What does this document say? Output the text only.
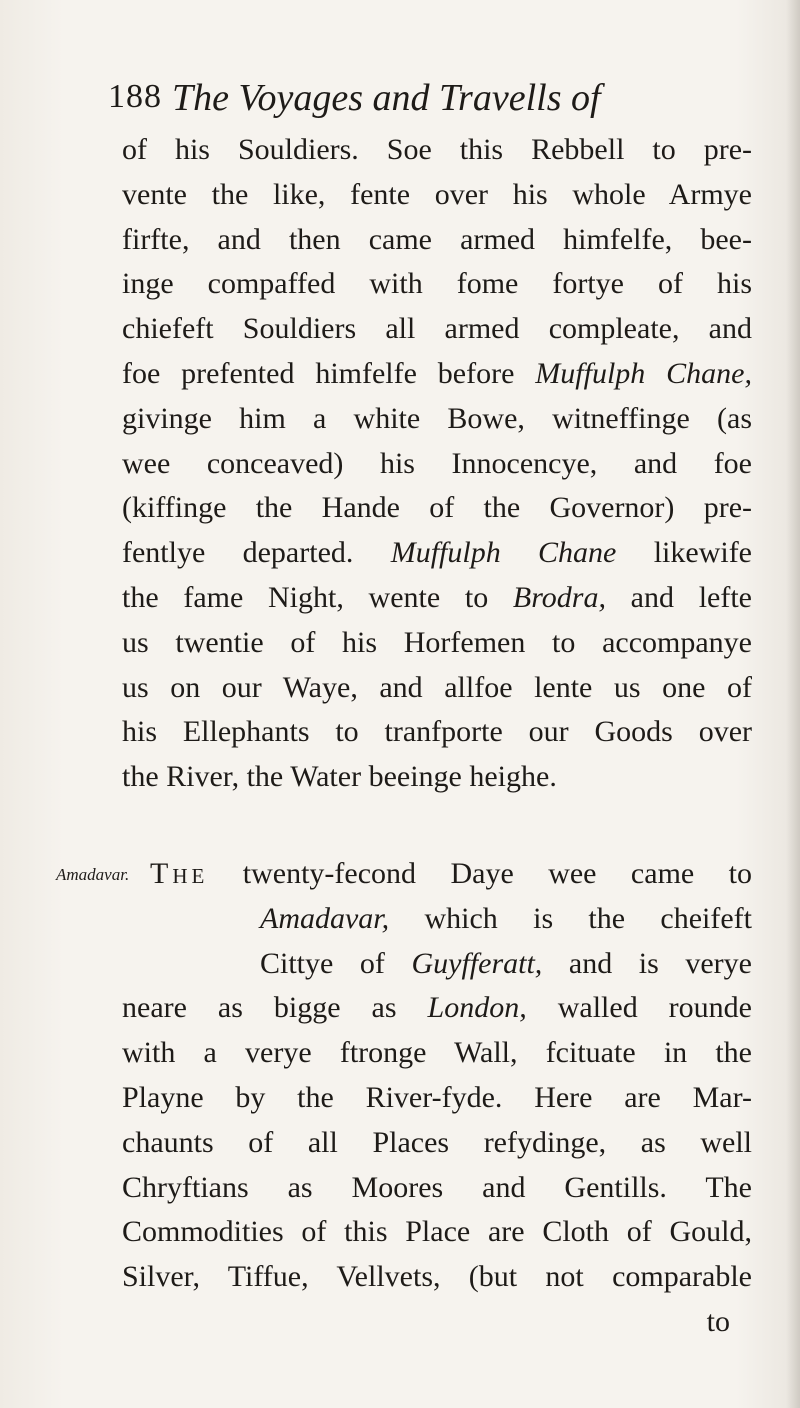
188 The Voyages and Travells of
Amadavar.
of his Souldiers. Soe this Rebbell to pre-
vente the like, fente over his whole Armye
firfte, and then came armed himfelfe, bee-
inge compaffed with fome fortye of his
chiefeft Souldiers all armed compleate, and
foe prefented himfelfe before Muffulph Chane,
givinge him a white Bowe, witneffinge (as
wee conceaved) his Innocencye, and foe
(kiffinge the Hande of the Governor) pre-
fentlye departed. Muffulph Chane likewife
the fame Night, wente to Brodra, and lefte
us twentie of his Horfemen to accompanye
us on our Waye, and allfoe lente us one of
his Ellephants to tranfporte our Goods over
the River, the Water beeinge heighe.
The twenty-fecond Daye wee came to
Amadavar, which is the cheifeft
Cittye of Guyfferatt, and is verye
neare as bigge as London, walled rounde
with a verye ftronge Wall, fcituate in the
Playne by the River-fyde. Here are Mar-
chaunts of all Places refydinge, as well
Chryftians as Moores and Gentills. The
Commodities of this Place are Cloth of Gould,
Silver, Tiffue, Vellvets, (but not comparable
to
